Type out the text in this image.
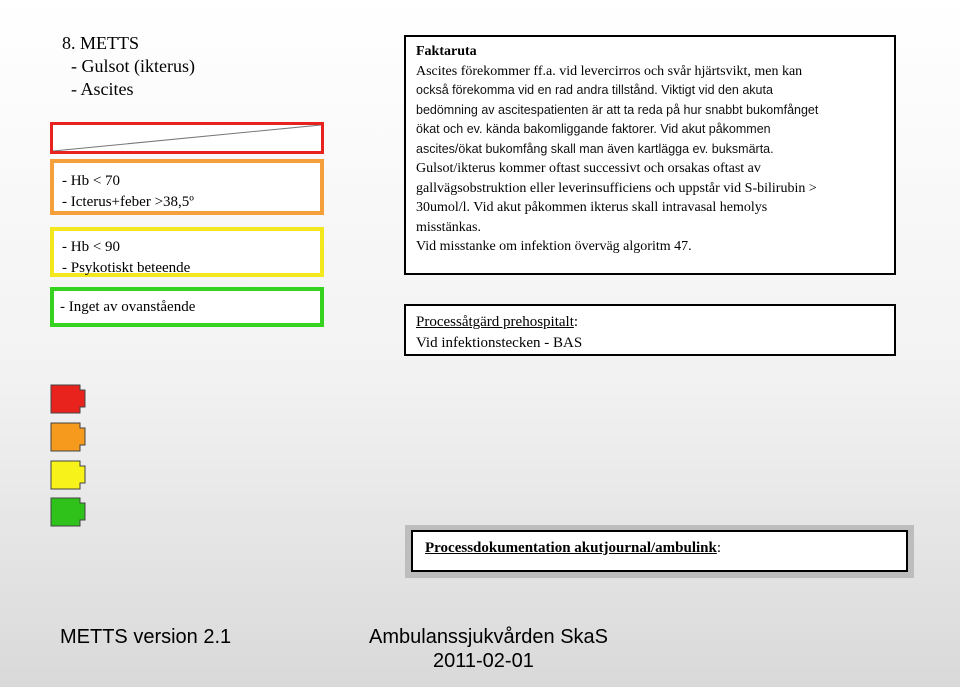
8. METTS
- Gulsot (ikterus)
- Ascites
- Hb < 70
- Icterus+feber >38,5º
- Hb < 90
- Psykotiskt beteende
- Inget av ovanstående
Faktaruta
Ascites förekommer ff.a. vid levercirros och svår hjärtsvikt, men kan
också förekomma vid en rad andra tillstånd. Viktigt vid den akuta
bedömning av ascitespatienten är att ta reda på hur snabbt bukomfånget
ökat och ev. kända bakomliggande faktorer. Vid akut påkommen
ascites/ökat bukomfång skall man även kartlägga ev. buksmärta.
Gulsot/ikterus kommer oftast successivt och orsakas oftast av
gallvägsobstruktion eller leverinsufficiens och uppstår vid S-bilirubin >
30umol/l. Vid akut påkommen ikterus skall intravasal hemolys
misstänkas.
Vid misstanke om infektion överväg algoritm 47.
Processåtgärd prehospitalt:
Vid infektionstecken - BAS
Processdokumentation akutjournal/ambulink:
METTS version 2.1	Ambulanssjukvården SkaS
2011-02-01
